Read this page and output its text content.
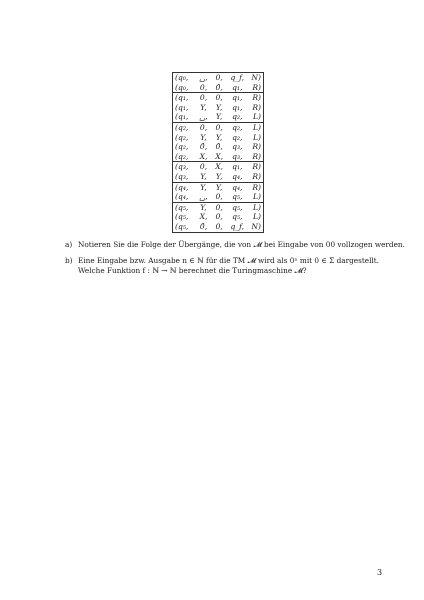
(q₀,	␣,	0,	q_f,	N)
(q₀,	0,	0̂,	q₁,	R)
(q₁,	0,	0,	q₁,	R)
(q₁,	Y,	Y,	q₁,	R)
(q₁,	␣,	Y,	q₂,	L)
(q₂,	0,	0,	q₂,	L)
(q₂,	Y,	Y,	q₂,	L)
(q₂,	0̂,	0̂,	q₃,	R)
(q₂,	X,	X,	q₃,	R)
(q₃,	0,	X,	q₁,	R)
(q₃,	Y,	Y,	q₄,	R)
(q₄,	Y,	Y,	q₄,	R)
(q₄,	␣,	0,	q₅,	L)
(q₅,	Y,	0,	q₅,	L)
(q₅,	X,	0,	q₅,	L)
(q₅,	0̂,	0,	q_f,	N)
a) Notieren Sie die Folge der Übergänge, die von 𝓜 bei Eingabe von 00 vollzogen werden.
b) Eine Eingabe bzw. Ausgabe n ∈ ℕ für die TM 𝓜 wird als 0ⁿ mit 0 ∈ Σ dargestellt.
Welche Funktion f : ℕ → ℕ berechnet die Turingmaschine 𝓜?
3
